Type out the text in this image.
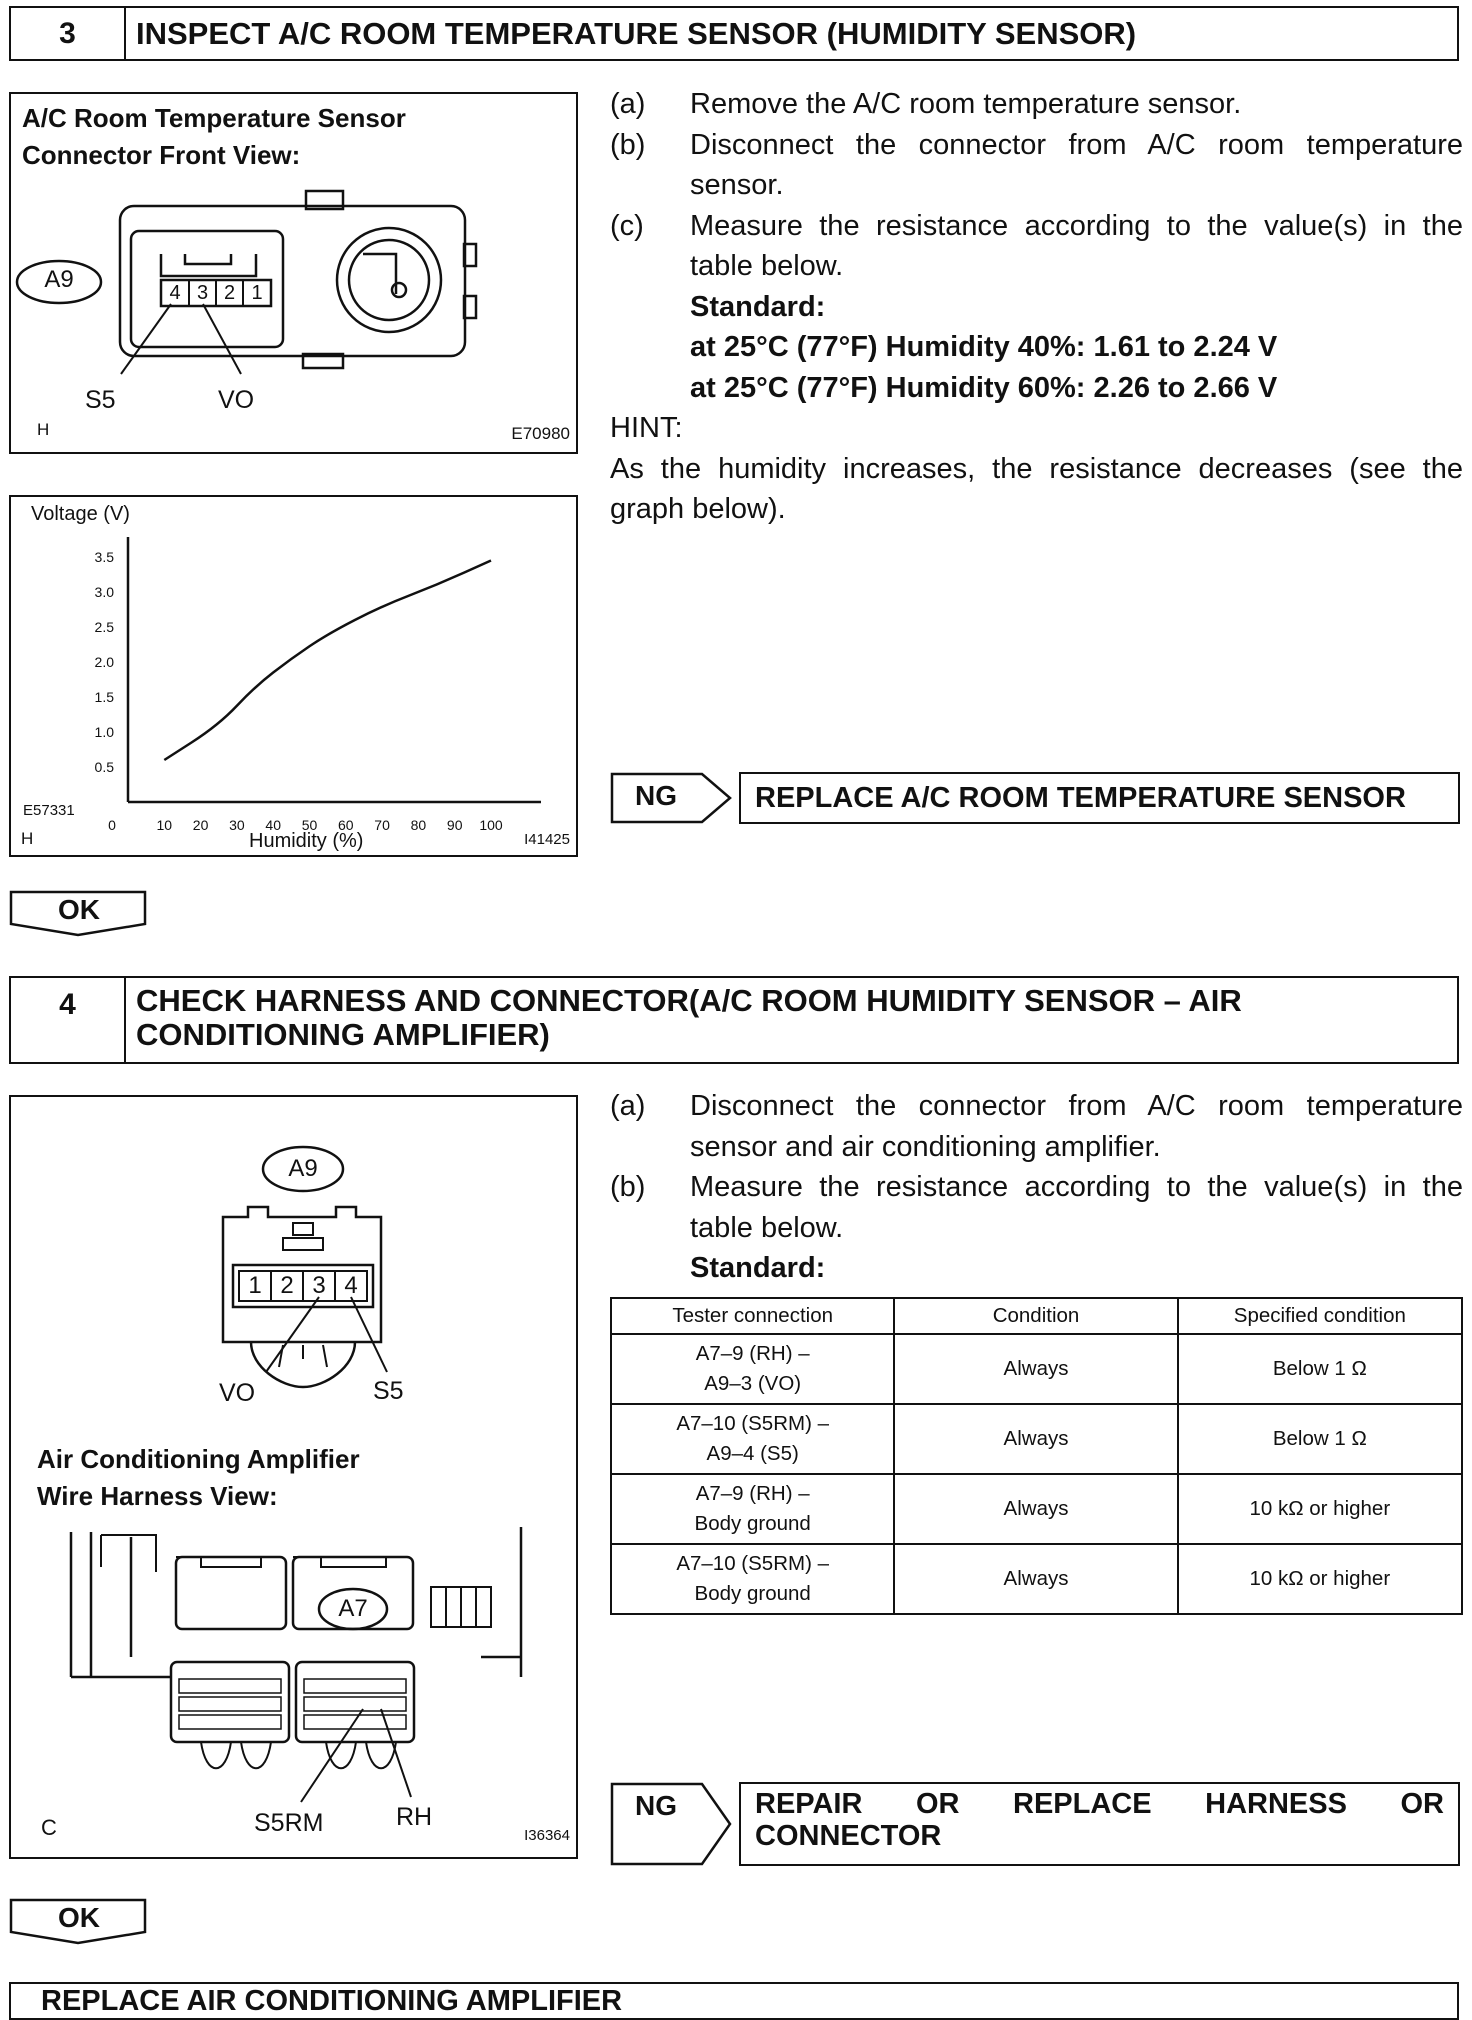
3	INSPECT A/C ROOM TEMPERATURE SENSOR (HUMIDITY SENSOR)
A/C Room Temperature Sensor
Connector Front View:
A9	4 3 2 1
S5	VO
H	E70980
0.5
1.0
1.5
2.0
2.5
3.0
3.5
0	10 20 30 40 50 60 70 80 90 100
Voltage (V)
Humidity (%)
E57331
H	I41425
(a)	Remove the A/C room temperature sensor.
(b)	Disconnect the connector from A/C room temperature sensor.
(c)	Measure the resistance according to the value(s) in the table below.
Standard:
at 25°C (77°F) Humidity 40%: 1.61 to 2.24 V
at 25°C (77°F) Humidity 60%: 2.26 to 2.66 V
HINT:
As the humidity increases, the resistance decreases (see the graph below).
NG	REPLACE A/C ROOM TEMPERATURE SENSOR
OK
4	CHECK HARNESS AND CONNECTOR(A/C ROOM HUMIDITY SENSOR – AIR CONDITIONING AMPLIFIER)
A9
1 2 3 4
VO	S5
Air Conditioning Amplifier
Wire Harness View:
A7
S5RM	RH
C	I36364
(a)	Disconnect the connector from A/C room temperature sensor and air conditioning amplifier.
(b)	Measure the resistance according to the value(s) in the table below.
Standard:
Tester connection	Condition	Specified condition

A7–9 (RH) –
A9–3 (VO)	Always	Below 1 Ω

A7–10 (S5RM) –
A9–4 (S5)	Always	Below 1 Ω

A7–9 (RH) –
Body ground	Always	10 kΩ or higher

A7–10 (S5RM) –
Body ground	Always	10 kΩ or higher
NG	REPAIR OR REPLACE HARNESS OR
CONNECTOR
OK
REPLACE AIR CONDITIONING AMPLIFIER
